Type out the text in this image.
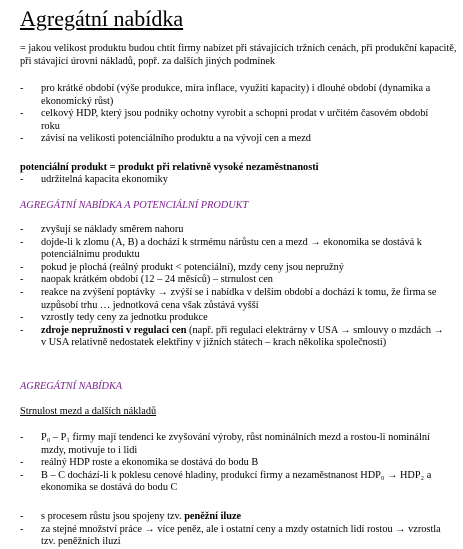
Agregátní nabídka
= jakou velikost produktu budou chtít firmy nabízet při stávajících tržních cenách, při produkční kapacitě, při stávající úrovni nákladů, popř. za dalších jiných podmínek
- pro krátké období (výše produkce, míra inflace, využití kapacity) i dlouhé období (dynamika a ekonomický růst)
- celkový HDP, který jsou podniky ochotny vyrobit a schopni prodat v určitém časovém období roku
- závisí na velikosti potenciálního produktu a na vývoji cen a mezd
potenciální produkt = produkt při relativně vysoké nezaměstnanosti
- udržitelná kapacita ekonomiky
AGREGÁTNÍ NABÍDKA A POTENCIÁLNÍ PRODUKT
- zvyšují se náklady směrem nahoru
- dojde-li k zlomu (A, B) a dochází k strmému nárůstu cen a mezd → ekonomika se dostává k potenciálnímu produktu
- pokud je plochá (reálný produkt < potenciální), mzdy ceny jsou nepružný
- naopak krátkém období (12 – 24 měsíců) – strnulost cen
- reakce na zvýšení poptávky → zvýší se i nabídka v delším období a dochází k tomu, že firma se uzpůsobí trhu … jednotková cena však zůstává vyšší
- vzrostly tedy ceny za jednotku produkce
- zdroje nepružnosti v regulaci cen (např. při regulaci elektrárny v USA → smlouvy o mzdách → v USA relativně nedostatek elektřiny v jižních státech – krach několika společností)
AGREGÁTNÍ NABÍDKA
Strnulost mezd a dalších nákladů
- P₀ – P₁ firmy mají tendenci ke zvyšování výroby, růst nominálních mezd a rostou-li nominální mzdy, motivuje to i lidi
- reálný HDP roste a ekonomika se dostává do bodu B
- B – C dochází-li k poklesu cenové hladiny, produkcí firmy a nezaměstnanost HDP₀ → HDP₂ a ekonomika se dostává do bodu C
- s procesem růstu jsou spojeny tzv. peněžní iluze
- za stejné množství práce → více peněz, ale i ostatní ceny a mzdy ostatních lidí rostou → vzrostla tzv. peněžních iluzí
